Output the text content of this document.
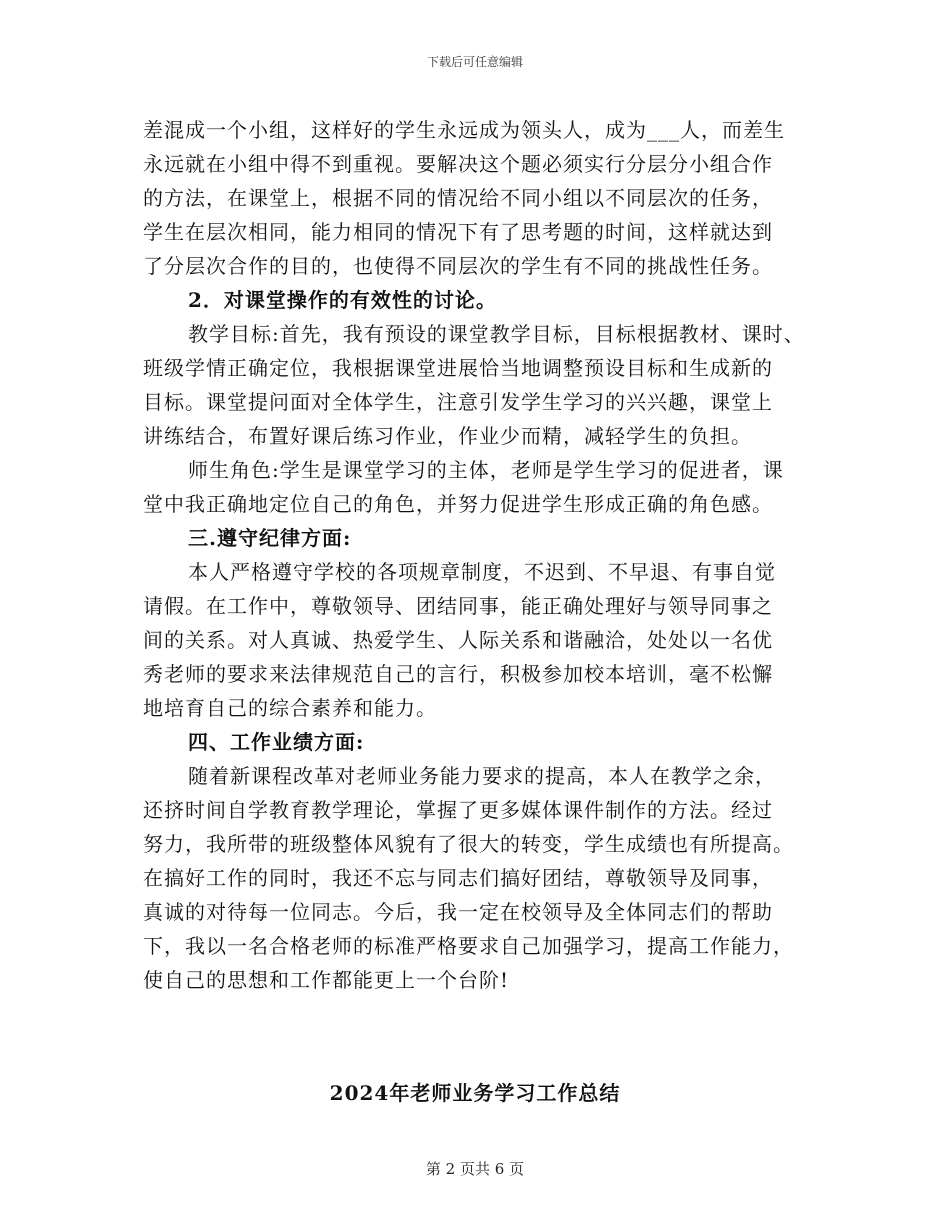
下载后可任意编辑
差混成一个小组，这样好的学生永远成为领头人，成为___人，而差生
永远就在小组中得不到重视。要解决这个题必须实行分层分小组合作
的方法，在课堂上，根据不同的情况给不同小组以不同层次的任务，
学生在层次相同，能力相同的情况下有了思考题的时间，这样就达到
了分层次合作的目的，也使得不同层次的学生有不同的挑战性任务。
2．对课堂操作的有效性的讨论。
教学目标:首先，我有预设的课堂教学目标，目标根据教材、课时、
班级学情正确定位，我根据课堂进展恰当地调整预设目标和生成新的
目标。课堂提问面对全体学生，注意引发学生学习的兴兴趣，课堂上
讲练结合，布置好课后练习作业，作业少而精，减轻学生的负担。
师生角色:学生是课堂学习的主体，老师是学生学习的促进者，课
堂中我正确地定位自己的角色，并努力促进学生形成正确的角色感。
三.遵守纪律方面:
本人严格遵守学校的各项规章制度，不迟到、不早退、有事自觉
请假。在工作中，尊敬领导、团结同事，能正确处理好与领导同事之
间的关系。对人真诚、热爱学生、人际关系和谐融洽，处处以一名优
秀老师的要求来法律规范自己的言行，积极参加校本培训，毫不松懈
地培育自己的综合素养和能力。
四、工作业绩方面:
随着新课程改革对老师业务能力要求的提高，本人在教学之余，
还挤时间自学教育教学理论，掌握了更多媒体课件制作的方法。经过
努力，我所带的班级整体风貌有了很大的转变，学生成绩也有所提高。
在搞好工作的同时，我还不忘与同志们搞好团结，尊敬领导及同事，
真诚的对待每一位同志。今后，我一定在校领导及全体同志们的帮助
下，我以一名合格老师的标准严格要求自己加强学习，提高工作能力，
使自己的思想和工作都能更上一个台阶!
2024年老师业务学习工作总结
第 2 页共 6 页
